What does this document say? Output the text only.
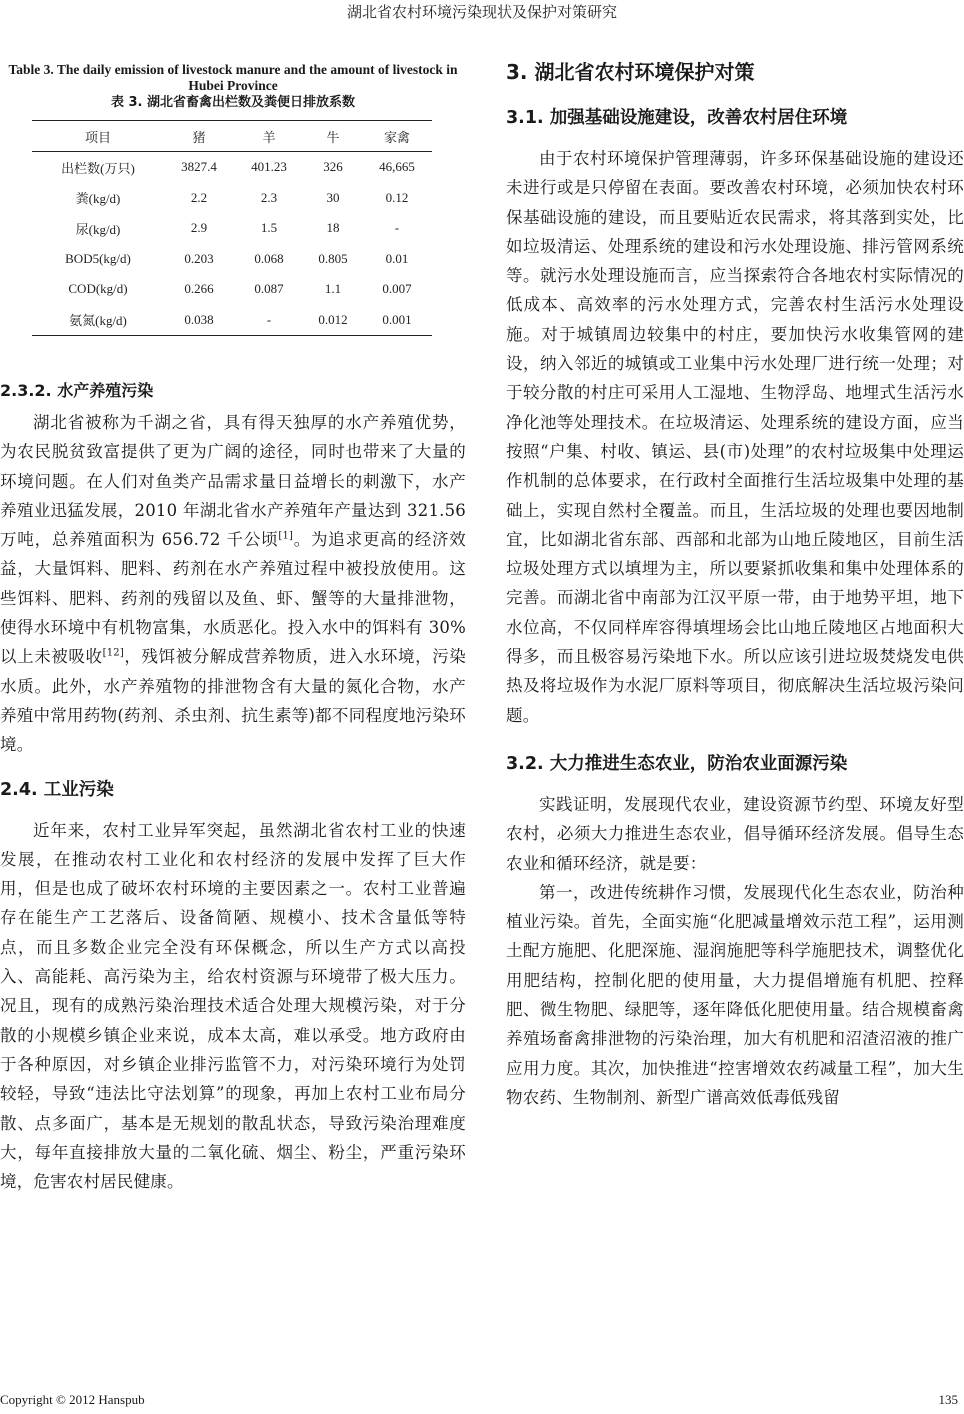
湖北省农村环境污染现状及保护对策研究
Table 3. The daily emission of livestock manure and the amount of livestock in Hubei Province
表 3. 湖北省畜禽出栏数及粪便日排放系数
项目	猪	羊	牛	家禽
出栏数(万只)	3827.4	401.23	326	46,665
粪(kg/d)	2.2	2.3	30	0.12
尿(kg/d)	2.9	1.5	18	-
BOD5(kg/d)	0.203	0.068	0.805	0.01
COD(kg/d)	0.266	0.087	1.1	0.007
氨氮(kg/d)	0.038	-	0.012	0.001
2.3.2. 水产养殖污染

湖北省被称为千湖之省，具有得天独厚的水产养殖优势，为农民脱贫致富提供了更为广阔的途径，同时也带来了大量的环境问题。在人们对鱼类产品需求量日益增长的刺激下，水产养殖业迅猛发展，2010 年湖北省水产养殖年产量达到 321.56 万吨，总养殖面积为 656.72 千公顷[1]。为追求更高的经济效益，大量饵料、肥料、药剂在水产养殖过程中被投放使用。这些饵料、肥料、药剂的残留以及鱼、虾、蟹等的大量排泄物，使得水环境中有机物富集，水质恶化。投入水中的饵料有 30%以上未被吸收[12]，残饵被分解成营养物质，进入水环境，污染水质。此外，水产养殖物的排泄物含有大量的氮化合物，水产养殖中常用药物(药剂、杀虫剂、抗生素等)都不同程度地污染环境。

2.4. 工业污染

近年来，农村工业异军突起，虽然湖北省农村工业的快速发展，在推动农村工业化和农村经济的发展中发挥了巨大作用，但是也成了破坏农村环境的主要因素之一。农村工业普遍存在能生产工艺落后、设备简陋、规模小、技术含量低等特点，而且多数企业完全没有环保概念，所以生产方式以高投入、高能耗、高污染为主，给农村资源与环境带了极大压力。况且，现有的成熟污染治理技术适合处理大规模污染，对于分散的小规模乡镇企业来说，成本太高，难以承受。地方政府由于各种原因，对乡镇企业排污监管不力，对污染环境行为处罚较轻，导致“违法比守法划算”的现象，再加上农村工业布局分散、点多面广，基本是无规划的散乱状态，导致污染治理难度大，每年直接排放大量的二氧化硫、烟尘、粉尘，严重污染环境，危害农村居民健康。

3. 湖北省农村环境保护对策
3.1. 加强基础设施建设，改善农村居住环境

由于农村环境保护管理薄弱，许多环保基础设施的建设还未进行或是只停留在表面。要改善农村环境，必须加快农村环保基础设施的建设，而且要贴近农民需求，将其落到实处，比如垃圾清运、处理系统的建设和污水处理设施、排污管网系统等。就污水处理设施而言，应当探索符合各地农村实际情况的低成本、高效率的污水处理方式，完善农村生活污水处理设施。对于城镇周边较集中的村庄，要加快污水收集管网的建设，纳入邻近的城镇或工业集中污水处理厂进行统一处理；对于较分散的村庄可采用人工湿地、生物浮岛、地埋式生活污水净化池等处理技术。在垃圾清运、处理系统的建设方面，应当按照“户集、村收、镇运、县(市)处理”的农村垃圾集中处理运作机制的总体要求，在行政村全面推行生活垃圾集中处理的基础上，实现自然村全覆盖。而且，生活垃圾的处理也要因地制宜，比如湖北省东部、西部和北部为山地丘陵地区，目前生活垃圾处理方式以填埋为主，所以要紧抓收集和集中处理体系的完善。而湖北省中南部为江汉平原一带，由于地势平坦，地下水位高，不仅同样库容得填埋场会比山地丘陵地区占地面积大得多，而且极容易污染地下水。所以应该引进垃圾焚烧发电供热及将垃圾作为水泥厂原料等项目，彻底解决生活垃圾污染问题。

3.2. 大力推进生态农业，防治农业面源污染

实践证明，发展现代农业，建设资源节约型、环境友好型农村，必须大力推进生态农业，倡导循环经济发展。倡导生态农业和循环经济，就是要：

第一，改进传统耕作习惯，发展现代化生态农业，防治种植业污染。首先，全面实施“化肥减量增效示范工程”，运用测土配方施肥、化肥深施、湿润施肥等科学施肥技术，调整优化用肥结构，控制化肥的使用量，大力提倡增施有机肥、控释肥、微生物肥、绿肥等，逐年降低化肥使用量。结合规模畜禽养殖场畜禽排泄物的污染治理，加大有机肥和沼渣沼液的推广应用力度。其次，加快推进“控害增效农药减量工程”，加大生物农药、生物制剂、新型广谱高效低毒低残留

Copyright © 2012 Hanspub	135
